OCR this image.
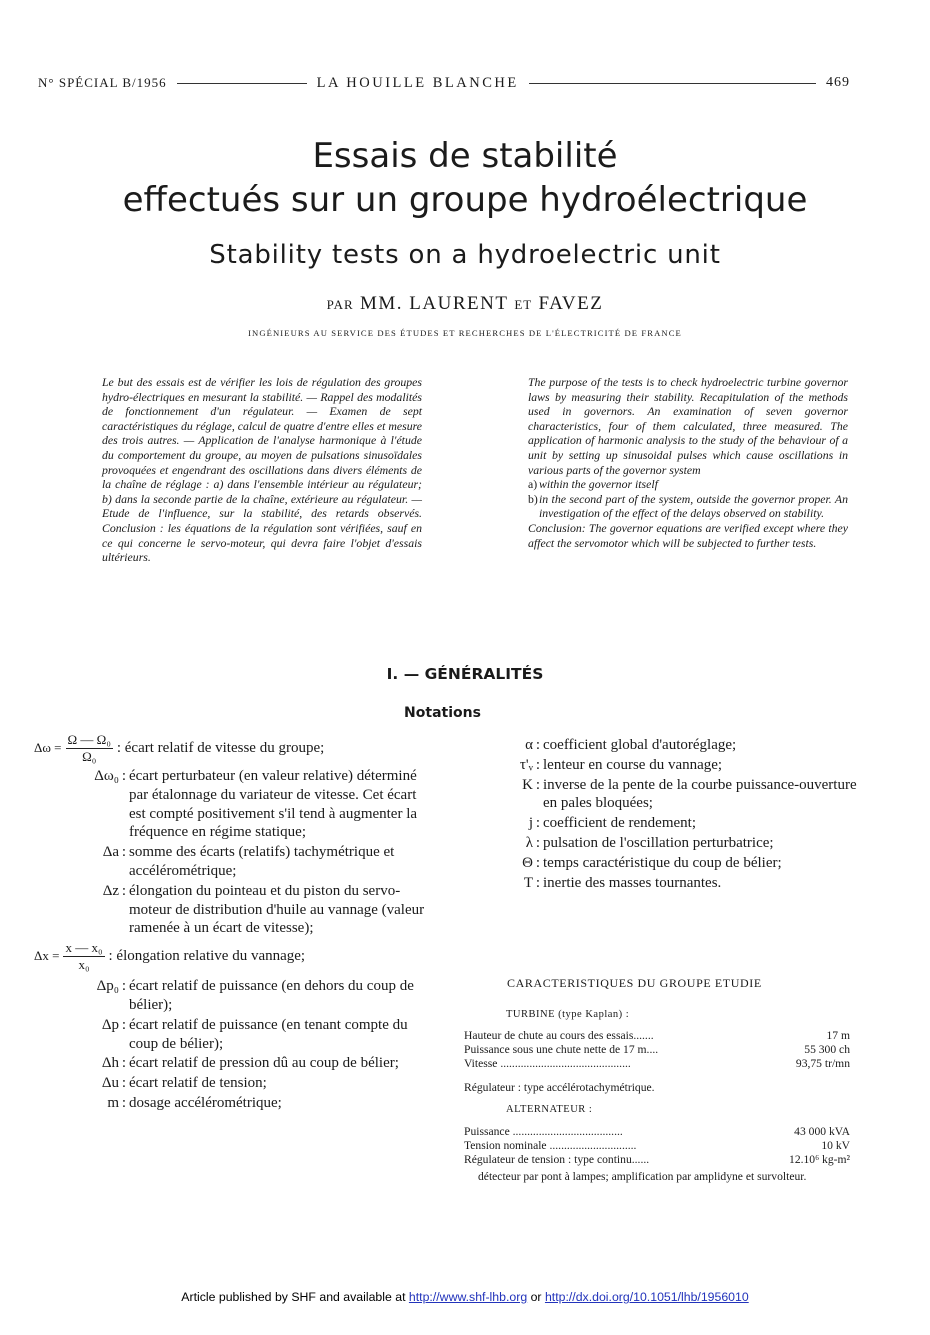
N° SPÉCIAL B/1956	LA HOUILLE BLANCHE	469
Essais de stabilité
effectués sur un groupe hydroélectrique
Stability tests on a hydroelectric unit
PAR MM. LAURENT ET FAVEZ
INGÉNIEURS AU SERVICE DES ÉTUDES ET RECHERCHES DE L'ÉLECTRICITÉ DE FRANCE
Le but des essais est de vérifier les lois de régulation des groupes hydro-électriques en mesurant la stabilité. — Rappel des modalités de fonctionnement d'un régulateur. — Examen de sept caractéristiques du réglage, calcul de quatre d'entre elles et mesure des trois autres. — Application de l'analyse harmonique à l'étude du comportement du groupe, au moyen de pulsations sinusoïdales provoquées et engendrant des oscillations dans divers éléments de la chaîne de réglage : a) dans l'ensemble intérieur au régulateur; b) dans la seconde partie de la chaîne, extérieure au régulateur. — Etude de l'influence, sur la stabilité, des retards observés. Conclusion : les équations de la régulation sont vérifiées, sauf en ce qui concerne le servo-moteur, qui devra faire l'objet d'essais ultérieurs.
The purpose of the tests is to check hydroelectric turbine governor laws by measuring their stability. Recapitulation of the methods used in governors. An examination of seven governor characteristics, four of them calculated, three measured. The application of harmonic analysis to the study of the behaviour of a unit by setting up sinusoidal pulses which cause oscillations in various parts of the governor system
a) within the governor itself
b) in the second part of the system, outside the governor proper. An investigation of the effect of the delays observed on stability.
Conclusion: The governor equations are verified except where they affect the servomotor which will be subjected to further tests.
I. — GÉNÉRALITÉS
Notations
$\Delta\omega = \frac{\text{Ω — Ω₀}}{\text{Ω₀}}$ : écart relatif de vitesse du groupe;
Δω₀ : écart perturbateur (en valeur relative) déterminé par étalonnage du variateur de vitesse. Cet écart est compté positivement s'il tend à augmenter la fréquence en régime statique;
Δa : somme des écarts (relatifs) tachymétrique et accélérométrique;
Δz : élongation du pointeau et du piston du servo-moteur de distribution d'huile au vannage (valeur ramenée à un écart de vitesse);
$\Delta x = \frac{\text{x — x₀}}{\text{x₀}}$ : élongation relative du vannage;
Δp₀ : écart relatif de puissance (en dehors du coup de bélier);
Δp : écart relatif de puissance (en tenant compte du coup de bélier);
Δh : écart relatif de pression dû au coup de bélier;
Δu : écart relatif de tension;
m : dosage accélérométrique;
α : coefficient global d'autoréglage;
τ'ᵥ : lenteur en course du vannage;
K : inverse de la pente de la courbe puissance-ouverture en pales bloquées;
j : coefficient de rendement;
λ : pulsation de l'oscillation perturbatrice;
Θ : temps caractéristique du coup de bélier;
T : inertie des masses tournantes.
CARACTERISTIQUES DU GROUPE ETUDIE
TURBINE (type Kaplan) :
Hauteur de chute au cours des essais.......	17 m
Puissance sous une chute nette de 17 m....	55 300 ch
Vitesse .............................................	93,75 tr/mn
Régulateur : type accélérotachymétrique.
ALTERNATEUR :
Puissance ......................................	43 000 kVA
Tension nominale ..............................	10 kV
Régulateur de tension : type continu......	12.10⁶ kg-m²
détecteur par pont à lampes; amplification par amplidyne et survolteur.
Article published by SHF and available at http://www.shf-lhb.org or http://dx.doi.org/10.1051/lhb/1956010
